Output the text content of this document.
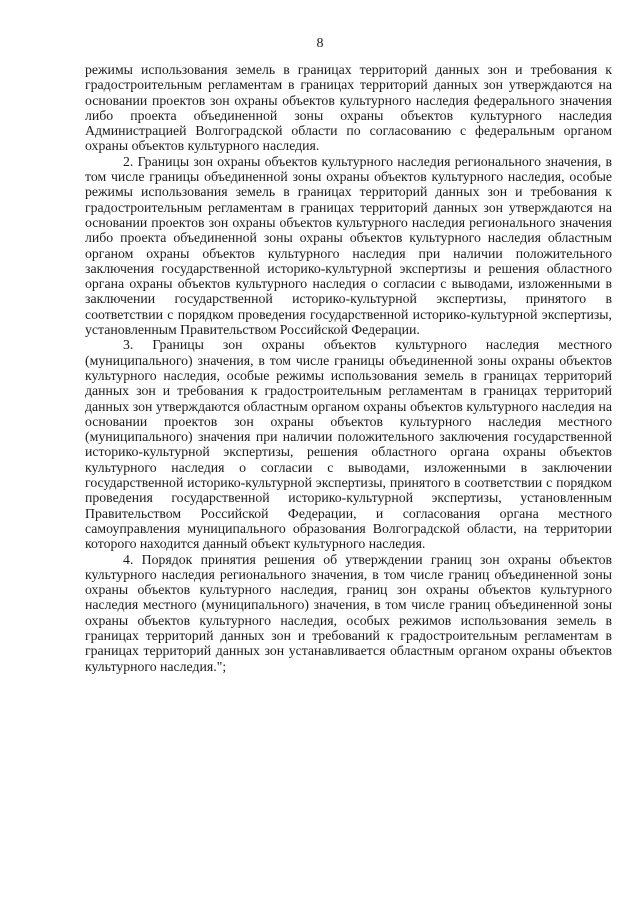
8

режимы использования земель в границах территорий данных зон и требования к градостроительным регламентам в границах территорий данных зон утверждаются на основании проектов зон охраны объектов культурного наследия федерального значения либо проекта объединенной зоны охраны объектов культурного наследия Администрацией Волгоградской области по согласованию с федеральным органом охраны объектов культурного наследия.

2. Границы зон охраны объектов культурного наследия регионального значения, в том числе границы объединенной зоны охраны объектов культурного наследия, особые режимы использования земель в границах территорий данных зон и требования к градостроительным регламентам в границах территорий данных зон утверждаются на основании проектов зон охраны объектов культурного наследия регионального значения либо проекта объединенной зоны охраны объектов культурного наследия областным органом охраны объектов культурного наследия при наличии положительного заключения государственной историко-культурной экспертизы и решения областного органа охраны объектов культурного наследия о согласии с выводами, изложенными в заключении государственной историко-культурной экспертизы, принятого в соответствии с порядком проведения государственной историко-культурной экспертизы, установленным Правительством Российской Федерации.

3. Границы зон охраны объектов культурного наследия местного (муниципального) значения, в том числе границы объединенной зоны охраны объектов культурного наследия, особые режимы использования земель в границах территорий данных зон и требования к градостроительным регламентам в границах территорий данных зон утверждаются областным органом охраны объектов культурного наследия на основании проектов зон охраны объектов культурного наследия местного (муниципального) значения при наличии положительного заключения государственной историко-культурной экспертизы, решения областного органа охраны объектов культурного наследия о согласии с выводами, изложенными в заключении государственной историко-культурной экспертизы, принятого в соответствии с порядком проведения государственной историко-культурной экспертизы, установленным Правительством Российской Федерации, и согласования органа местного самоуправления муниципального образования Волгоградской области, на территории которого находится данный объект культурного наследия.

4. Порядок принятия решения об утверждении границ зон охраны объектов культурного наследия регионального значения, в том числе границ объединенной зоны охраны объектов культурного наследия, границ зон охраны объектов культурного наследия местного (муниципального) значения, в том числе границ объединенной зоны охраны объектов культурного наследия, особых режимов использования земель в границах территорий данных зон и требований к градостроительным регламентам в границах территорий данных зон устанавливается областным органом охраны объектов культурного наследия.";
